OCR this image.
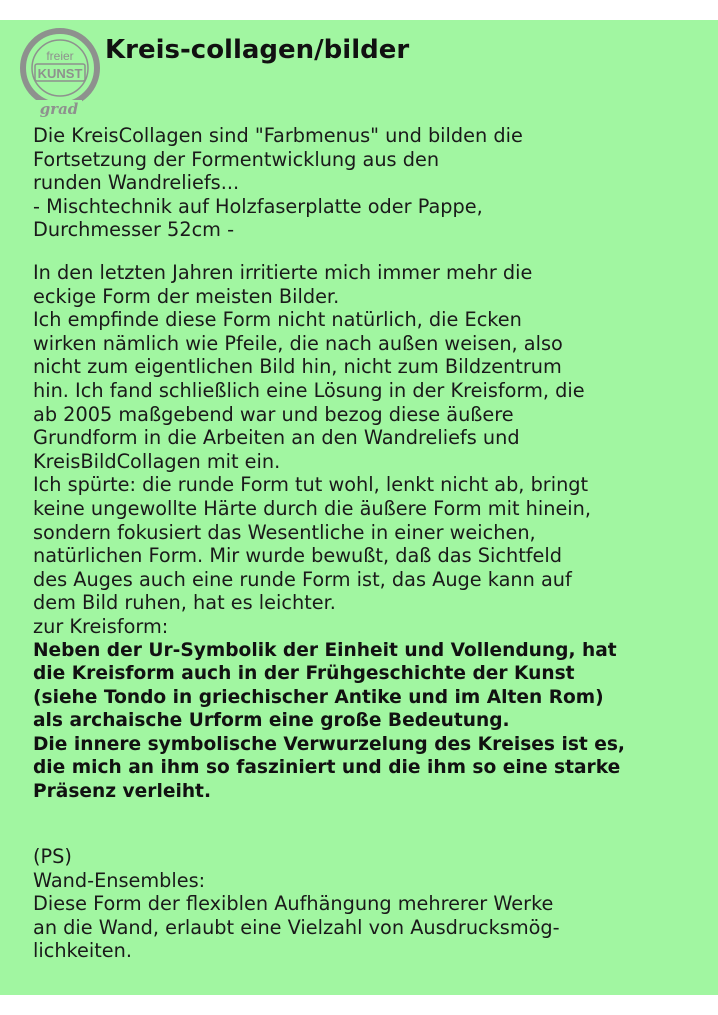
freier
KUNST
grad
Kreis-collagen/bilder
Die KreisCollagen sind "Farbmenus" und bilden die
Fortsetzung der Formentwicklung aus den
runden Wandreliefs...
- Mischtechnik auf Holzfaserplatte oder Pappe,
Durchmesser 52cm -
In den letzten Jahren irritierte mich immer mehr die
eckige Form der meisten Bilder.
Ich empfinde diese Form nicht natürlich, die Ecken
wirken nämlich wie Pfeile, die nach außen weisen, also
nicht zum eigentlichen Bild hin, nicht zum Bildzentrum
hin. Ich fand schließlich eine Lösung in der Kreisform, die
ab 2005 maßgebend war und bezog diese äußere
Grundform in die Arbeiten an den Wandreliefs und
KreisBildCollagen mit ein.
Ich spürte: die runde Form tut wohl, lenkt nicht ab, bringt
keine ungewollte Härte durch die äußere Form mit hinein,
sondern fokusiert das Wesentliche in einer weichen,
natürlichen Form. Mir wurde bewußt, daß das Sichtfeld
des Auges auch eine runde Form ist, das Auge kann auf
dem Bild ruhen, hat es leichter.
zur Kreisform:
Neben der Ur-Symbolik der Einheit und Vollendung, hat
die Kreisform auch in der Frühgeschichte der Kunst
(siehe Tondo in griechischer Antike und im Alten Rom)
als archaische Urform eine große Bedeutung.
Die innere symbolische Verwurzelung des Kreises ist es,
die mich an ihm so fasziniert und die ihm so eine starke
Präsenz verleiht.
(PS)
Wand-Ensembles:
Diese Form der flexiblen Aufhängung mehrerer Werke
an die Wand, erlaubt eine Vielzahl von Ausdrucksmög-
lichkeiten.
